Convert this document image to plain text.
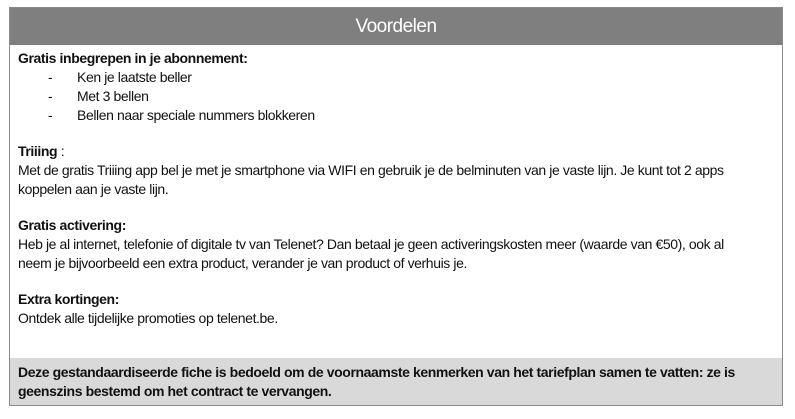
Voordelen
Gratis inbegrepen in je abonnement:
- Ken je laatste beller
- Met 3 bellen
- Bellen naar speciale nummers blokkeren
Triiing :

Met de gratis Triiing app bel je met je smartphone via WIFI en gebruik je de belminuten van je vaste lijn. Je kunt tot 2 apps

koppelen aan je vaste lijn.

Gratis activering:

Heb je al internet, telefonie of digitale tv van Telenet? Dan betaal je geen activeringskosten meer (waarde van €50), ook al

neem je bijvoorbeeld een extra product, verander je van product of verhuis je.

Extra kortingen:

Ontdek alle tijdelijke promoties op telenet.be.

Deze gestandaardiseerde fiche is bedoeld om de voornaamste kenmerken van het tariefplan samen te vatten: ze is
geenszins bestemd om het contract te vervangen.
